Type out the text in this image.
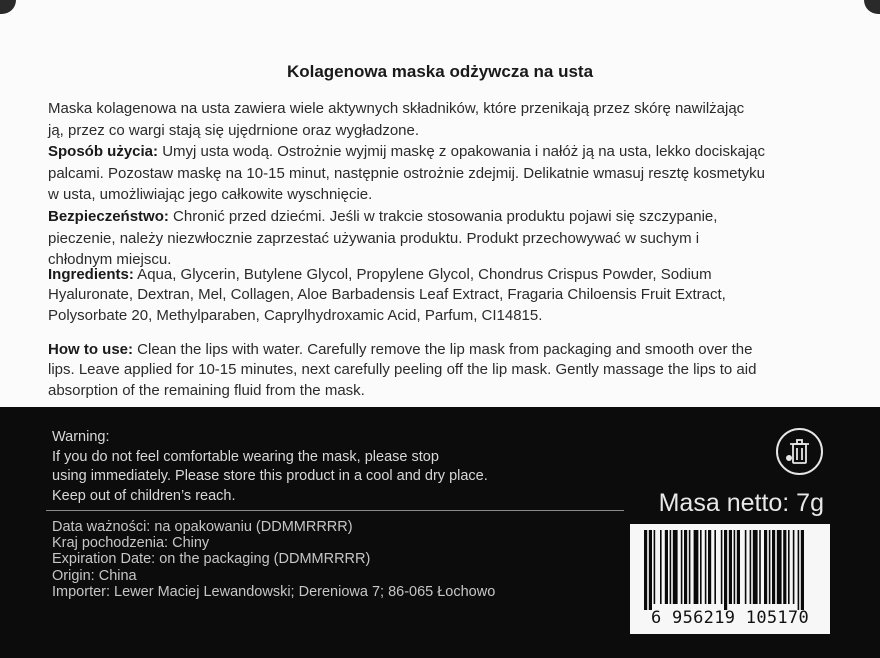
Kolagenowa maska odżywcza na usta

Maska kolagenowa na usta zawiera wiele aktywnych składników, które przenikają przez skórę nawilżając

ją, przez co wargi stają się ujędrnione oraz wygładzone.

Sposób użycia: Umyj usta wodą. Ostrożnie wyjmij maskę z opakowania i nałóż ją na usta, lekko dociskając

palcami. Pozostaw maskę na 10-15 minut, następnie ostrożnie zdejmij. Delikatnie wmasuj resztę kosmetyku

w usta, umożliwiając jego całkowite wyschnięcie.

Bezpieczeństwo: Chronić przed dziećmi. Jeśli w trakcie stosowania produktu pojawi się szczypanie,

pieczenie, należy niezwłocznie zaprzestać używania produktu. Produkt przechowywać w suchym i

chłodnym miejscu.

Ingredients: Aqua, Glycerin, Butylene Glycol, Propylene Glycol, Chondrus Crispus Powder, Sodium
Hyaluronate, Dextran, Mel, Collagen, Aloe Barbadensis Leaf Extract, Fragaria Chiloensis Fruit Extract,
Polysorbate 20, Methylparaben, Caprylhydroxamic Acid, Parfum, CI14815.
How to use: Clean the lips with water. Carefully remove the lip mask from packaging and smooth over the
lips. Leave applied for 10-15 minutes, next carefully peeling off the lip mask. Gently massage the lips to aid
absorption of the remaining fluid from the mask.
Warning:
If you do not feel comfortable wearing the mask, please stop
using immediately. Please store this product in a cool and dry place.
Keep out of children’s reach.
Data ważności: na opakowaniu (DDMMRRRR)
Kraj pochodzenia: Chiny
Expiration Date: on the packaging (DDMMRRRR)
Origin: China
Importer: Lewer Maciej Lewandowski; Dereniowa 7; 86-065 Łochowo
Masa netto: 7g
6 956219 105170
